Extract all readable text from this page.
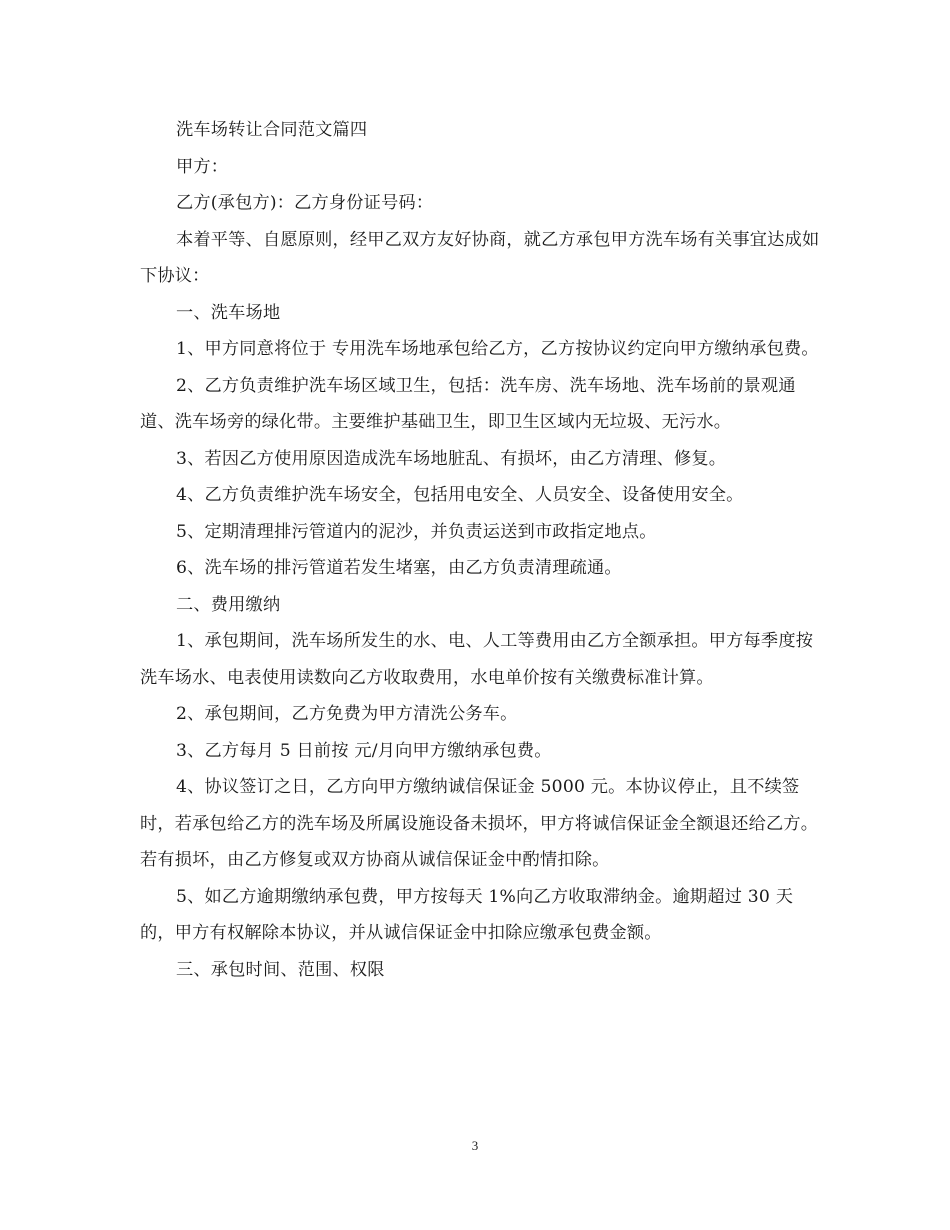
洗车场转让合同范文篇四

甲方：

乙方(承包方)：乙方身份证号码：

本着平等、自愿原则，经甲乙双方友好协商，就乙方承包甲方洗车场有关事宜达成如下协议：

一、洗车场地

1、甲方同意将位于 专用洗车场地承包给乙方，乙方按协议约定向甲方缴纳承包费。

2、乙方负责维护洗车场区域卫生，包括：洗车房、洗车场地、洗车场前的景观通道、洗车场旁的绿化带。主要维护基础卫生，即卫生区域内无垃圾、无污水。

3、若因乙方使用原因造成洗车场地脏乱、有损坏，由乙方清理、修复。

4、乙方负责维护洗车场安全，包括用电安全、人员安全、设备使用安全。

5、定期清理排污管道内的泥沙，并负责运送到市政指定地点。

6、洗车场的排污管道若发生堵塞，由乙方负责清理疏通。

二、费用缴纳

1、承包期间，洗车场所发生的水、电、人工等费用由乙方全额承担。甲方每季度按洗车场水、电表使用读数向乙方收取费用，水电单价按有关缴费标准计算。

2、承包期间，乙方免费为甲方清洗公务车。

3、乙方每月 5 日前按 元/月向甲方缴纳承包费。

4、协议签订之日，乙方向甲方缴纳诚信保证金 5000 元。本协议停止，且不续签时，若承包给乙方的洗车场及所属设施设备未损坏，甲方将诚信保证金全额退还给乙方。若有损坏，由乙方修复或双方协商从诚信保证金中酌情扣除。

5、如乙方逾期缴纳承包费，甲方按每天 1%向乙方收取滞纳金。逾期超过 30 天的，甲方有权解除本协议，并从诚信保证金中扣除应缴承包费金额。

三、承包时间、范围、权限

3
